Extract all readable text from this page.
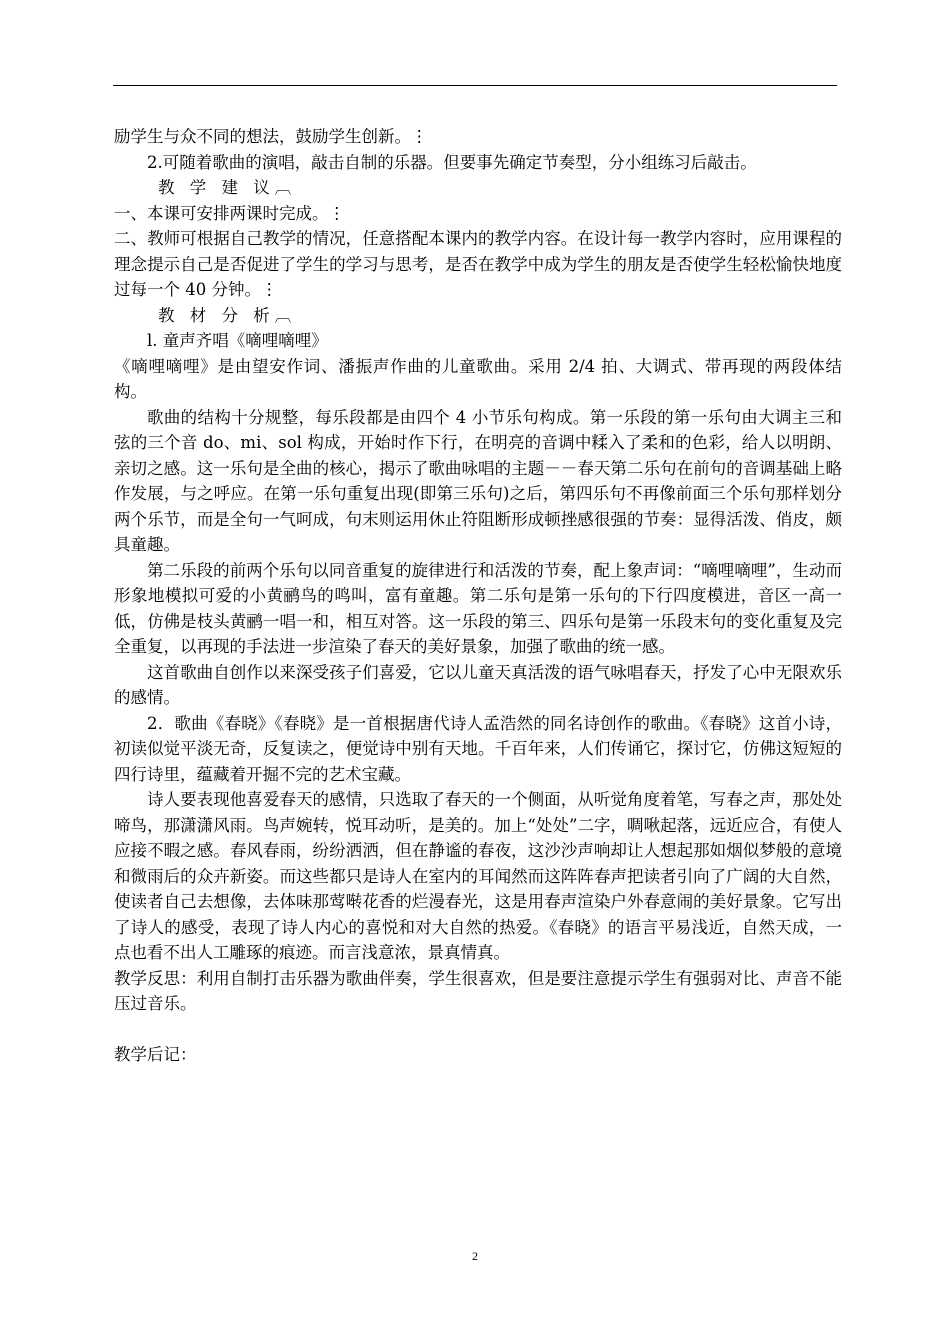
励学生与众不同的想法，鼓励学生创新。⋮

2.可随着歌曲的演唱，敲击自制的乐器。但要事先确定节奏型，分小组练习后敲击。

教 学 建 议︹

一、本课可安排两课时完成。⋮

二、教师可根据自己教学的情况，任意搭配本课内的教学内容。在设计每一教学内容时，应用课程的理念提示自己是否促进了学生的学习与思考，是否在教学中成为学生的朋友是否使学生轻松愉快地度过每一个 40 分钟。⋮

教 材 分 析︹

l. 童声齐唱《嘀哩嘀哩》

《嘀哩嘀哩》是由望安作词、潘振声作曲的儿童歌曲。采用 2/4 拍、大调式、带再现的两段体结构。

歌曲的结构十分规整，每乐段都是由四个 4 小节乐句构成。第一乐段的第一乐句由大调主三和弦的三个音 do、mi、sol 构成，开始时作下行，在明亮的音调中糅入了柔和的色彩，给人以明朗、亲切之感。这一乐句是全曲的核心，揭示了歌曲咏唱的主题－－春天第二乐句在前句的音调基础上略作发展，与之呼应。在第一乐句重复出现(即第三乐句)之后，第四乐句不再像前面三个乐句那样划分两个乐节，而是全句一气呵成，句末则运用休止符阻断形成顿挫感很强的节奏：显得活泼、俏皮，颇具童趣。

第二乐段的前两个乐句以同音重复的旋律进行和活泼的节奏，配上象声词：“嘀哩嘀哩”，生动而形象地模拟可爱的小黄鹂鸟的鸣叫，富有童趣。第二乐句是第一乐句的下行四度模进，音区一高一低，仿佛是枝头黄鹂一唱一和，相互对答。这一乐段的第三、四乐句是第一乐段末句的变化重复及完全重复，以再现的手法进一步渲染了春天的美好景象，加强了歌曲的统一感。

这首歌曲自创作以来深受孩子们喜爱，它以儿童天真活泼的语气咏唱春天，抒发了心中无限欢乐的感情。

2．歌曲《春晓》《春晓》是一首根据唐代诗人孟浩然的同名诗创作的歌曲。《春晓》这首小诗，初读似觉平淡无奇，反复读之，便觉诗中别有天地。千百年来，人们传诵它，探讨它，仿佛这短短的四行诗里，蕴藏着开掘不完的艺术宝藏。

诗人要表现他喜爱春天的感情，只选取了春天的一个侧面，从听觉角度着笔，写春之声，那处处啼鸟，那潇潇风雨。鸟声婉转，悦耳动听，是美的。加上“处处”二字，啁啾起落，远近应合，有使人应接不暇之感。春风春雨，纷纷洒洒，但在静谧的春夜，这沙沙声响却让人想起那如烟似梦般的意境和微雨后的众卉新姿。而这些都只是诗人在室内的耳闻然而这阵阵春声把读者引向了广阔的大自然，使读者自己去想像，去体味那莺啭花香的烂漫春光，这是用春声渲染户外春意闹的美好景象。它写出了诗人的感受，表现了诗人内心的喜悦和对大自然的热爱。《春晓》的语言平易浅近，自然天成，一点也看不出人工雕琢的痕迹。而言浅意浓，景真情真。

教学反思：利用自制打击乐器为歌曲伴奏，学生很喜欢，但是要注意提示学生有强弱对比、声音不能压过音乐。

教学后记：

2
